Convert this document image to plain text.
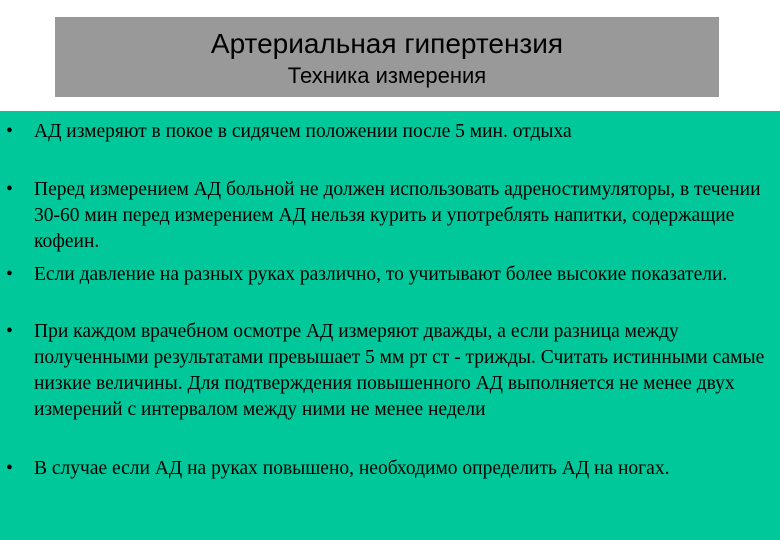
Артериальная гипертензия
Техника измерения
•	АД измеряют в покое в сидячем положении после 5 мин. отдыха
•	Перед измерением АД больной не должен использовать адреностимуляторы, в течении 30-60 мин перед измерением АД нельзя курить и употреблять напитки, содержащие кофеин.
•	Если давление на разных руках различно, то учитывают более высокие показатели.
•	При каждом врачебном осмотре АД измеряют дважды, а если разница между полученными результатами превышает 5 мм рт ст - трижды. Считать истинными самые низкие величины. Для подтверждения повышенного АД выполняется не менее двух измерений с интервалом между ними не менее недели
•	В случае если АД на руках повышено, необходимо определить АД на ногах.
